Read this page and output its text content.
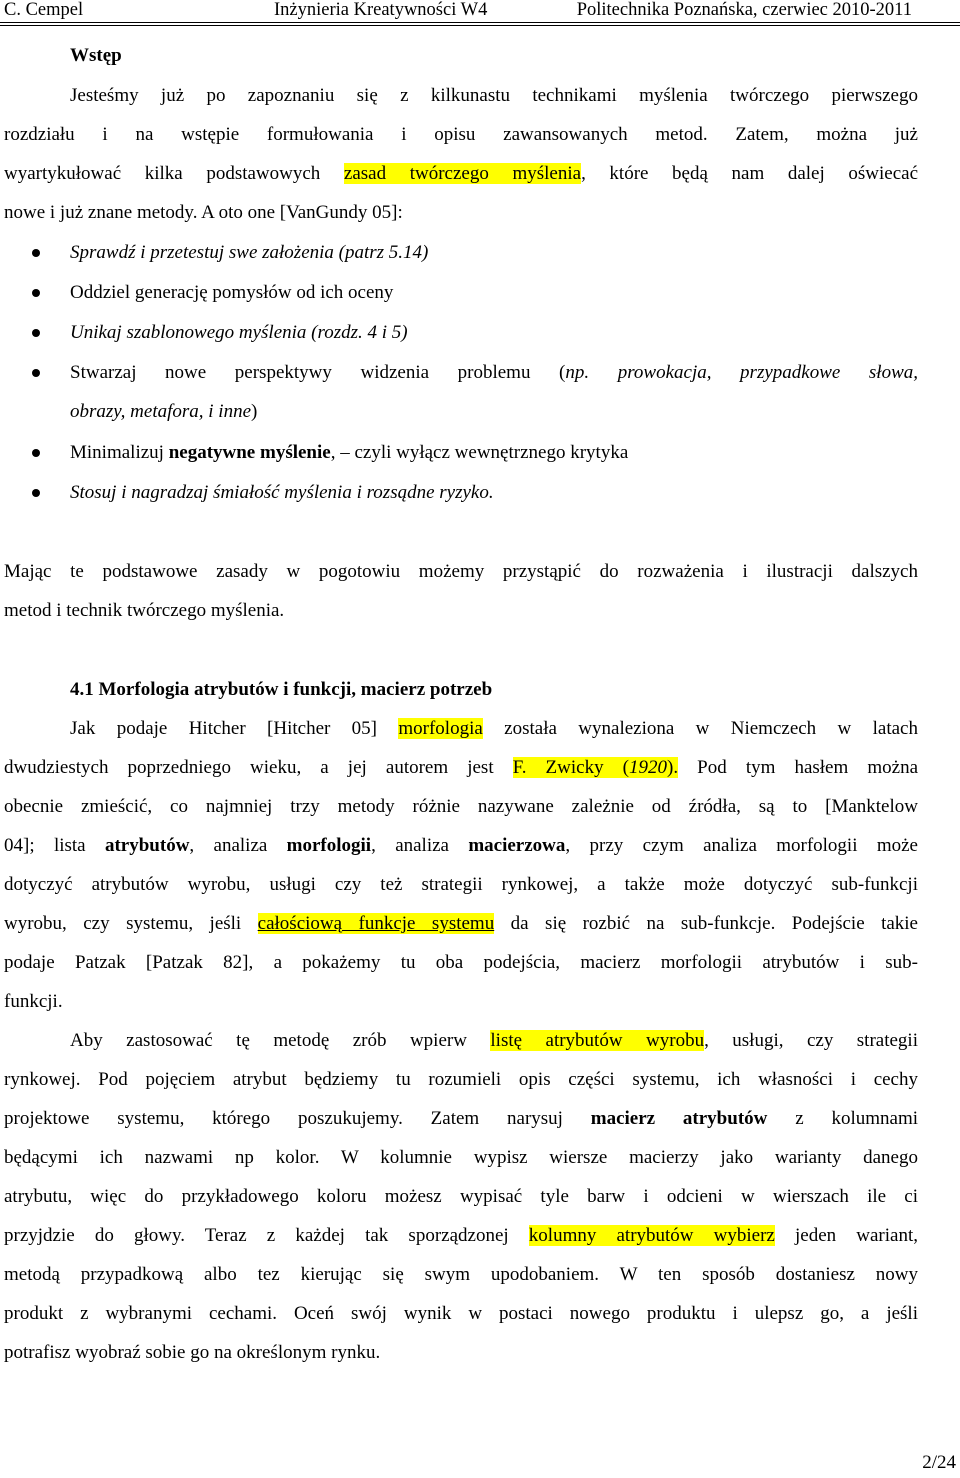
C. Cempel	Inżynieria Kreatywności W4	Politechnika Poznańska, czerwiec 2010-2011
Wstęp
Jesteśmy już po zapoznaniu się z kilkunastu technikami myślenia twórczego pierwszego
rozdziału i na wstępie formułowania i opisu zawansowanych metod. Zatem, można już
wyartykułować kilka podstawowych zasad twórczego myślenia, które będą nam dalej oświecać
nowe i już znane metody. A oto one [VanGundy 05]:
Sprawdź i przetestuj swe założenia (patrz 5.14)
Oddziel generację pomysłów od ich oceny
Unikaj szablonowego myślenia (rozdz. 4 i 5)
Stwarzaj nowe perspektywy widzenia problemu (np. prowokacja, przypadkowe słowa,
obrazy, metafora, i inne)
Minimalizuj negatywne myślenie, – czyli wyłącz wewnętrznego krytyka
Stosuj i nagradzaj śmiałość myślenia i rozsądne ryzyko.
Mając te podstawowe zasady w pogotowiu możemy przystąpić do rozważenia i ilustracji dalszych
metod i technik twórczego myślenia.
4.1 Morfologia atrybutów i funkcji, macierz potrzeb
Jak podaje Hitcher [Hitcher 05] morfologia została wynaleziona w Niemczech w latach
dwudziestych poprzedniego wieku, a jej autorem jest F. Zwicky (1920). Pod tym hasłem można
obecnie zmieścić, co najmniej trzy metody różnie nazywane zależnie od źródła, są to [Manktelow
04]; lista atrybutów, analiza morfologii, analiza macierzowa, przy czym analiza morfologii może
dotyczyć atrybutów wyrobu, usługi czy też strategii rynkowej, a także może dotyczyć sub-funkcji
wyrobu, czy systemu, jeśli całościową funkcje systemu da się rozbić na sub-funkcje. Podejście takie
podaje Patzak [Patzak 82], a pokażemy tu oba podejścia, macierz morfologii atrybutów i sub-
funkcji.
Aby zastosować tę metodę zrób wpierw listę atrybutów wyrobu, usługi, czy strategii
rynkowej. Pod pojęciem atrybut będziemy tu rozumieli opis części systemu, ich własności i cechy
projektowe systemu, którego poszukujemy. Zatem narysuj macierz atrybutów z kolumnami
będącymi ich nazwami np kolor. W kolumnie wypisz wiersze macierzy jako warianty danego
atrybutu, więc do przykładowego koloru możesz wypisać tyle barw i odcieni w wierszach ile ci
przyjdzie do głowy. Teraz z każdej tak sporządzonej kolumny atrybutów wybierz jeden wariant,
metodą przypadkową albo tez kierując się swym upodobaniem. W ten sposób dostaniesz nowy
produkt z wybranymi cechami. Oceń swój wynik w postaci nowego produktu i ulepsz go, a jeśli
potrafisz wyobraź sobie go na określonym rynku.
2/24
